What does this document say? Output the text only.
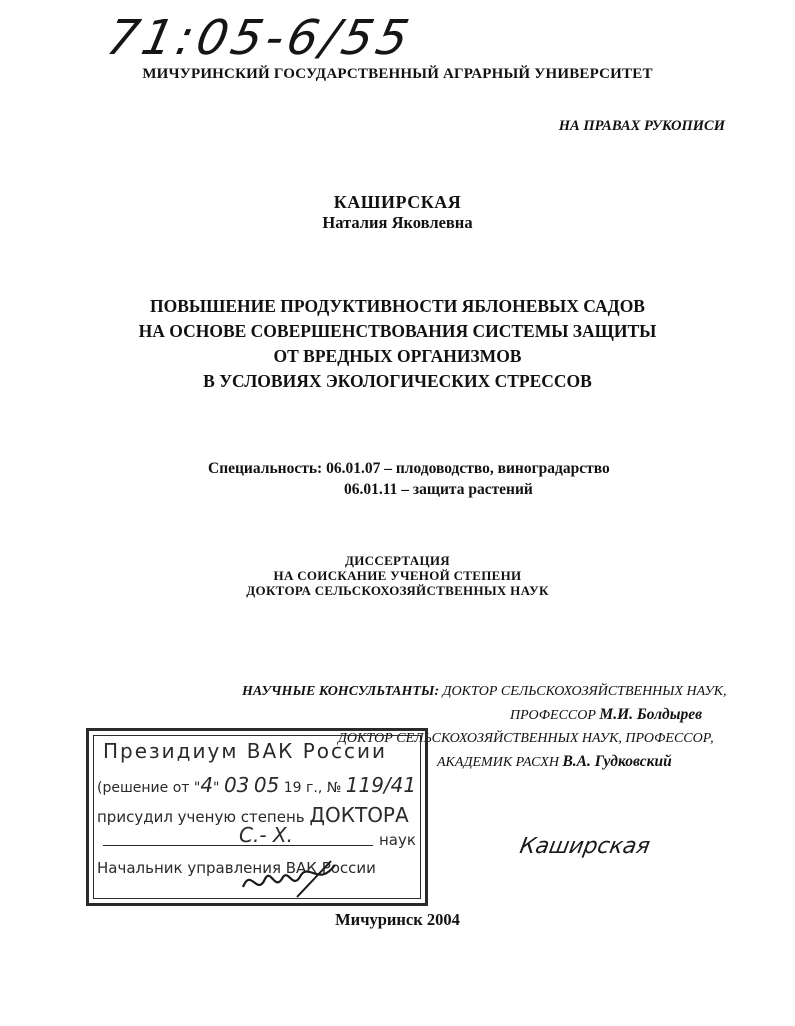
71:05-6/55
МИЧУРИНСКИЙ ГОСУДАРСТВЕННЫЙ АГРАРНЫЙ УНИВЕРСИТЕТ
НА ПРАВАХ РУКОПИСИ
КАШИРСКАЯ
Наталия Яковлевна
ПОВЫШЕНИЕ ПРОДУКТИВНОСТИ ЯБЛОНЕВЫХ САДОВ
НА ОСНОВЕ СОВЕРШЕНСТВОВАНИЯ СИСТЕМЫ ЗАЩИТЫ
ОТ ВРЕДНЫХ ОРГАНИЗМОВ
В УСЛОВИЯХ ЭКОЛОГИЧЕСКИХ СТРЕССОВ
Специальность: 06.01.07 – плодоводство, виноградарство
06.01.11 – защита растений
ДИССЕРТАЦИЯ
НА СОИСКАНИЕ УЧЕНОЙ СТЕПЕНИ
ДОКТОРА СЕЛЬСКОХОЗЯЙСТВЕННЫХ НАУК
НАУЧНЫЕ КОНСУЛЬТАНТЫ: ДОКТОР СЕЛЬСКОХОЗЯЙСТВЕННЫХ НАУК,
ПРОФЕССОР М.И. Болдырев
ДОКТОР СЕЛЬСКОХОЗЯЙСТВЕННЫХ НАУК, ПРОФЕССОР,
АКАДЕМИК РАСХН В.А. Гудковский
Президиум ВАК России
(решение от "4" 03 05 19 г., № 119/41
присудил ученую степень ДОКТОРА
С.- Х.	наук
Начальник управления ВАК России
Каширская
Мичуринск 2004
